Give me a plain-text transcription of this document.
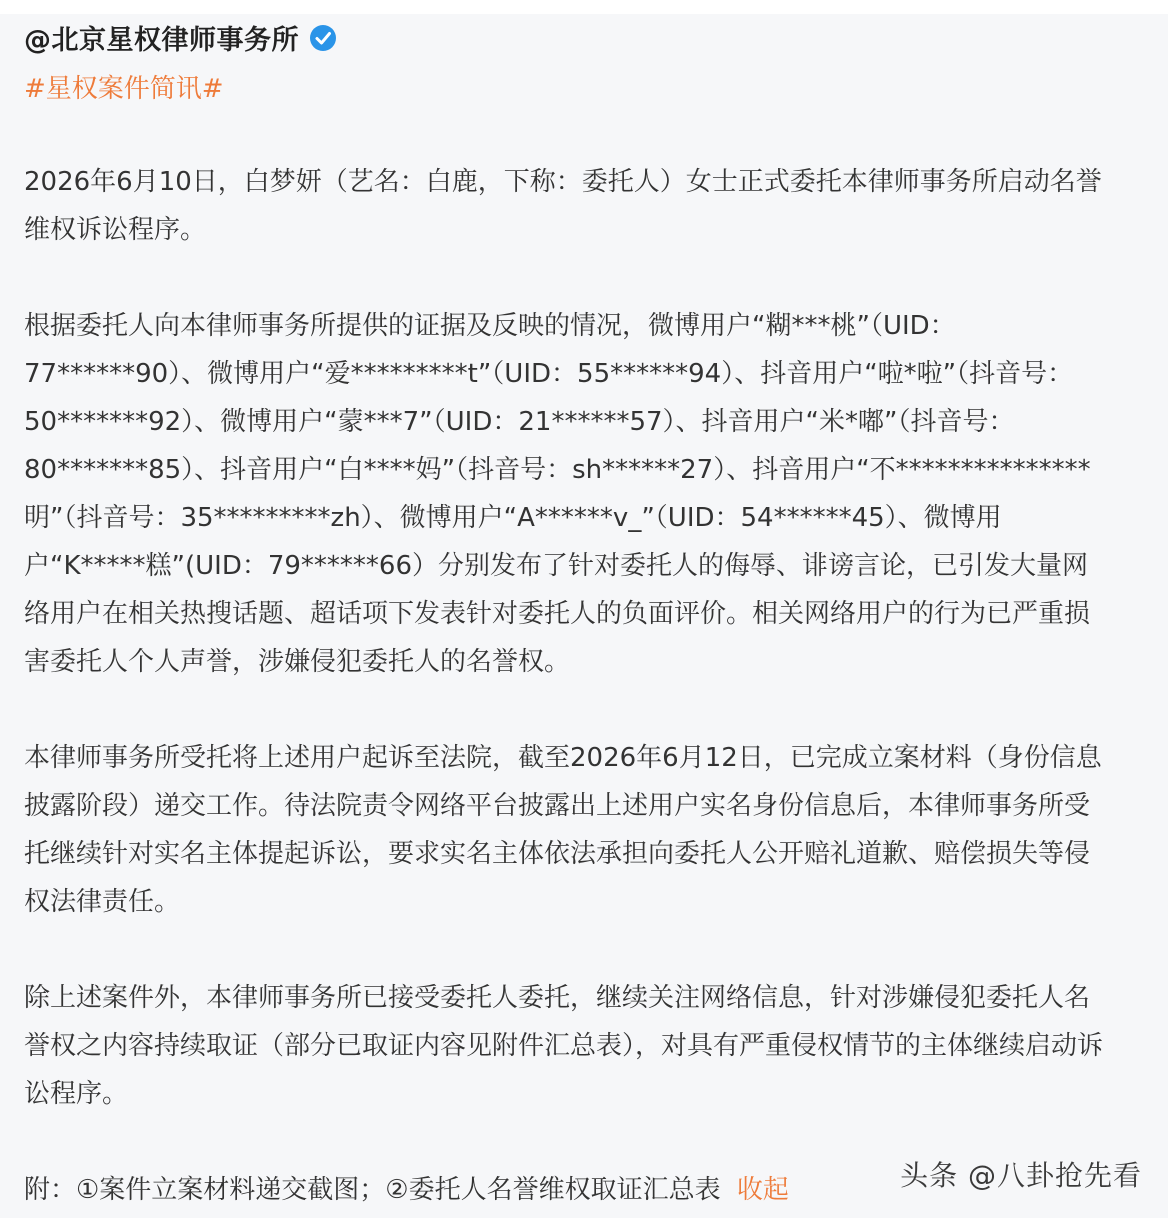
@北京星权律师事务所
#星权案件简讯#

2026年6月10日，白梦妍（艺名：白鹿，下称：委托人）女士正式委托本律师事务所启动名誉维权诉讼程序。

根据委托人向本律师事务所提供的证据及反映的情况，微博用户“糊***桃”（UID：77******90）、微博用户“爱*********t”（UID：55******94）、抖音用户“啦*啦”（抖音号：50*******92）、微博用户“蒙***7”（UID：21******57）、抖音用户“米*嘟”（抖音号：80*******85）、抖音用户“白****妈”（抖音号：sh******27）、抖音用户“不***************明”（抖音号：35*********zh）、微博用户“A******v_”（UID：54******45）、微博用户“K*****糕”(UID：79******66）分别发布了针对委托人的侮辱、诽谤言论，已引发大量网络用户在相关热搜话题、超话项下发表针对委托人的负面评价。相关网络用户的行为已严重损害委托人个人声誉，涉嫌侵犯委托人的名誉权。

本律师事务所受托将上述用户起诉至法院，截至2026年6月12日，已完成立案材料（身份信息披露阶段）递交工作。待法院责令网络平台披露出上述用户实名身份信息后，本律师事务所受托继续针对实名主体提起诉讼，要求实名主体依法承担向委托人公开赔礼道歉、赔偿损失等侵权法律责任。

除上述案件外，本律师事务所已接受委托人委托，继续关注网络信息，针对涉嫌侵犯委托人名誉权之内容持续取证（部分已取证内容见附件汇总表），对具有严重侵权情节的主体继续启动诉讼程序。

附：①案件立案材料递交截图；②委托人名誉维权取证汇总表 收起	头条 @八卦抢先看
